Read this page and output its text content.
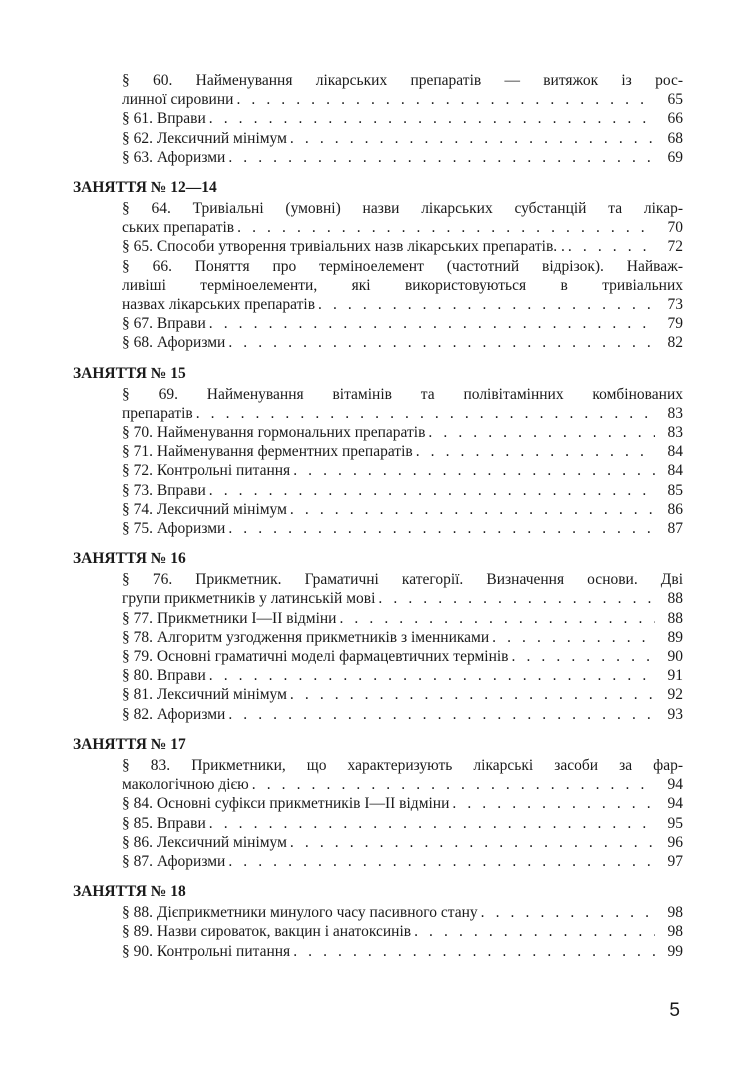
§ 60. Найменування лікарських препаратів — витяжок із рос-
линної сировини . . .	65
§ 61. Вправи . . .	66
§ 62. Лексичний мінімум . . .	68
§ 63. Афоризми . . .	69
ЗАНЯТТЯ № 12—14
§ 64. Тривіальні (умовні) назви лікарських субстанцій та лікар-
ських препаратів . . .	70
§ 65. Способи утворення тривіальних назв лікарських препаратів. . . . .	72
§ 66. Поняття про терміноелемент (частотний відрізок). Найваж-
ливіші терміноелементи, які використовуються в тривіальних
назвах лікарських препаратів . . .	73
§ 67. Вправи . . .	79
§ 68. Афоризми . . .	82
ЗАНЯТТЯ № 15
§ 69. Найменування вітамінів та полівітамінних комбінованих
препаратів . . .	83
§ 70. Найменування гормональних препаратів . . .	83
§ 71. Найменування ферментних препаратів . . .	84
§ 72. Контрольні питання . . .	84
§ 73. Вправи . . .	85
§ 74. Лексичний мінімум . . .	86
§ 75. Афоризми . . .	87
ЗАНЯТТЯ № 16
§ 76. Прикметник. Граматичні категорії. Визначення основи. Дві
групи прикметників у латинській мові . . .	88
§ 77. Прикметники I—II відміни . . .	88
§ 78. Алгоритм узгодження прикметників з іменниками . . .	89
§ 79. Основні граматичні моделі фармацевтичних термінів . . .	90
§ 80. Вправи . . .	91
§ 81. Лексичний мінімум . . .	92
§ 82. Афоризми . . .	93
ЗАНЯТТЯ № 17
§ 83. Прикметники, що характеризують лікарські засоби за фар-
макологічною дією . . .	94
§ 84. Основні суфікси прикметників I—II відміни . . .	94
§ 85. Вправи . . .	95
§ 86. Лексичний мінімум . . .	96
§ 87. Афоризми . . .	97
ЗАНЯТТЯ № 18
§ 88. Дієприкметники минулого часу пасивного стану . . .	98
§ 89. Назви сироваток, вакцин і анатоксинів . . .	98
§ 90. Контрольні питання . . .	99
5
